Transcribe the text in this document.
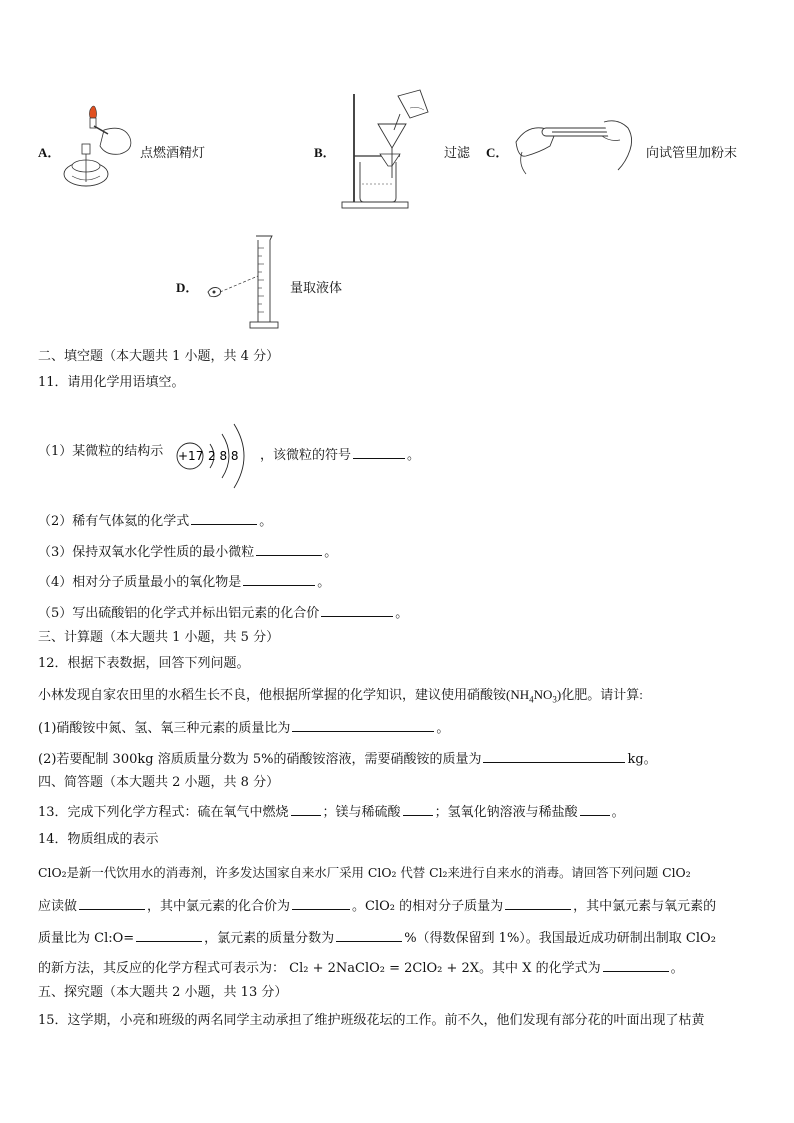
A．	点燃酒精灯	B．	过滤 C．	向试管里加粉末
D．	量取液体
二、填空题（本大题共 1 小题，共 4 分）
11．请用化学用语填空。
（1）某微粒的结构示 +17 2 8 8 ，该微粒的符号	。
（2）稀有气体氦的化学式	。
（3）保持双氧水化学性质的最小微粒	。
（4）相对分子质量最小的氧化物是	。
（5）写出硫酸铝的化学式并标出铝元素的化合价	。
三、计算题（本大题共 1 小题，共 5 分）
12．根据下表数据，回答下列问题。
小林发现自家农田里的水稻生长不良，他根据所掌握的化学知识，建议使用硝酸铵$(NH_4NO_3)$化肥。请计算:
(1)硝酸铵中氮、氢、氧三种元素的质量比为	。
(2)若要配制 300kg 溶质质量分数为 5%的硝酸铵溶液，需要硝酸铵的质量为	kg。
四、简答题（本大题共 2 小题，共 8 分）
13．完成下列化学方程式：硫在氧气中燃烧	；镁与稀硫酸	；氢氧化钠溶液与稀盐酸	。
14．物质组成的表示
ClO₂是新一代饮用水的消毒剂，许多发达国家自来水厂采用 ClO₂ 代替 Cl₂来进行自来水的消毒。请回答下列问题 ClO₂
应读做	，其中氯元素的化合价为	。ClO₂ 的相对分子质量为	，其中氯元素与氧元素的
质量比为 Cl:O=	，氯元素的质量分数为	%（得数保留到 1%）。我国最近成功研制出制取 ClO₂
的新方法，其反应的化学方程式可表示为： Cl₂ + 2NaClO₂ = 2ClO₂ + 2X。其中 X 的化学式为	。
五、探究题（本大题共 2 小题，共 13 分）
15．这学期，小亮和班级的两名同学主动承担了维护班级花坛的工作。前不久，他们发现有部分花的叶面出现了枯黄
